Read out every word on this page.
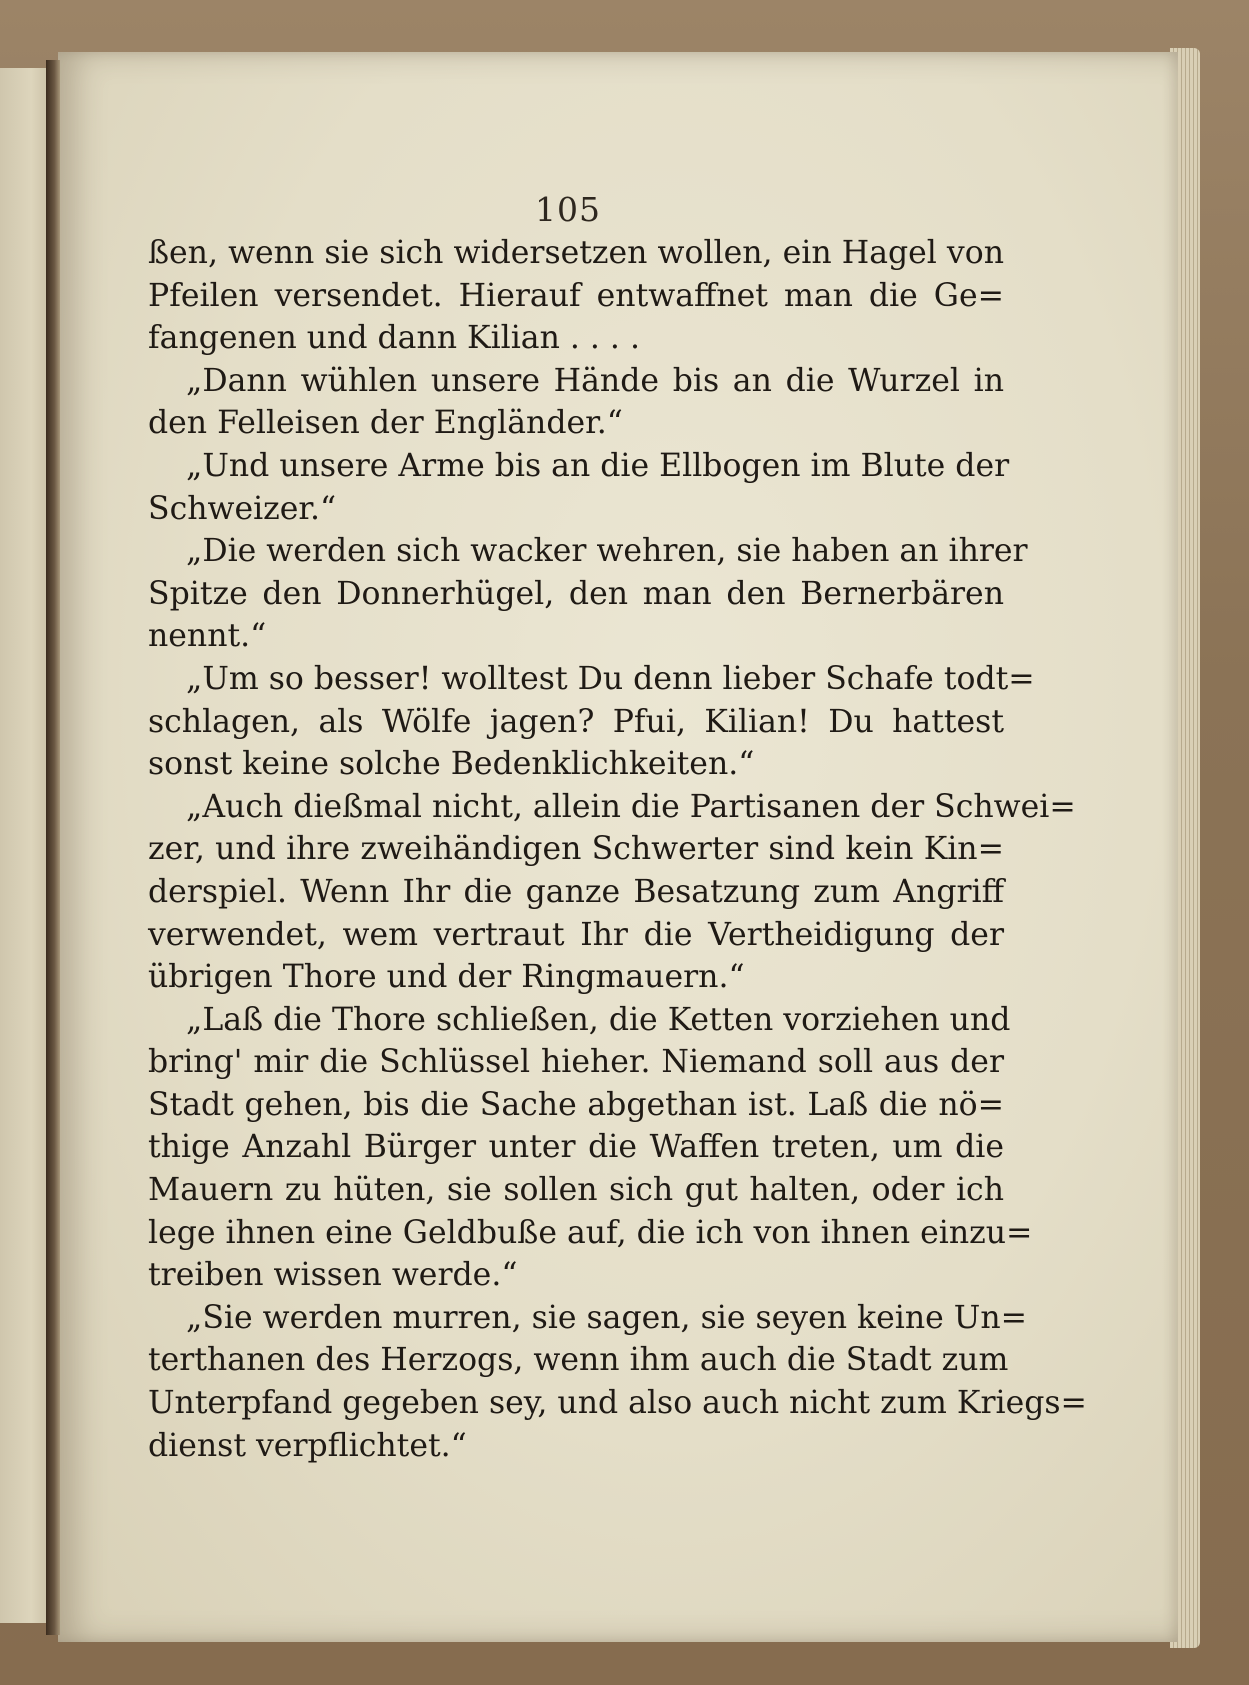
105
ßen, wenn sie sich widersetzen wollen, ein Hagel von
Pfeilen versendet. Hierauf entwaffnet man die Ge=
fangenen und dann Kilian . . . .
„Dann wühlen unsere Hände bis an die Wurzel in
den Felleisen der Engländer.“
„Und unsere Arme bis an die Ellbogen im Blute der
Schweizer.“
„Die werden sich wacker wehren, sie haben an ihrer
Spitze den Donnerhügel, den man den Bernerbären
nennt.“
„Um so besser! wolltest Du denn lieber Schafe todt=
schlagen, als Wölfe jagen? Pfui, Kilian! Du hattest
sonst keine solche Bedenklichkeiten.“
„Auch dießmal nicht, allein die Partisanen der Schwei=
zer, und ihre zweihändigen Schwerter sind kein Kin=
derspiel. Wenn Ihr die ganze Besatzung zum Angriff
verwendet, wem vertraut Ihr die Vertheidigung der
übrigen Thore und der Ringmauern.“
„Laß die Thore schließen, die Ketten vorziehen und
bring' mir die Schlüssel hieher. Niemand soll aus der
Stadt gehen, bis die Sache abgethan ist. Laß die nö=
thige Anzahl Bürger unter die Waffen treten, um die
Mauern zu hüten, sie sollen sich gut halten, oder ich
lege ihnen eine Geldbuße auf, die ich von ihnen einzu=
treiben wissen werde.“
„Sie werden murren, sie sagen, sie seyen keine Un=
terthanen des Herzogs, wenn ihm auch die Stadt zum
Unterpfand gegeben sey, und also auch nicht zum Kriegs=
dienst verpflichtet.“
